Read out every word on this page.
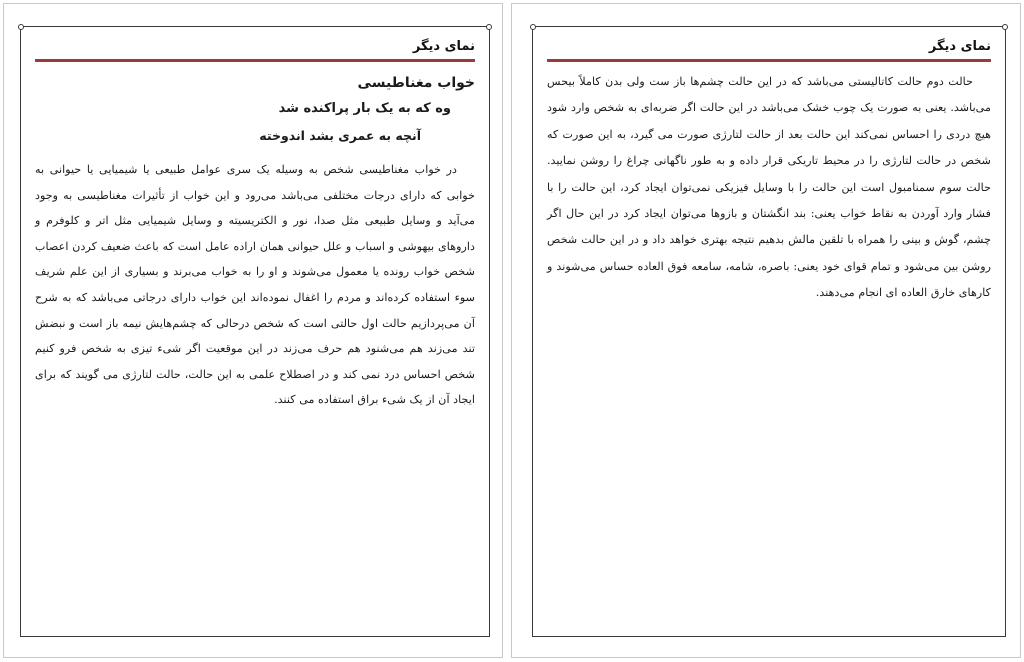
نمای دیگر
خواب مغناطیسی
وه که به یک بار پراکنده شد
آنچه به عمری بشد اندوخته

در خواب مغناطیسی شخص به وسیله یک سری عوامل طبیعی یا شیمیایی یا حیوانی به خوابی که دارای درجات مختلفی می‌باشد می‌رود و این خواب از تأثیرات مغناطیسی به وجود می‌آید و وسایل طبیعی مثل صدا، نور و الکتریسیته و وسایل شیمیایی مثل اتر و کلوفرم و داروهای بیهوشی و اسباب و علل حیوانی همان اراده عامل است که باعث ضعیف کردن اعصاب شخص خواب رونده یا معمول می‌شوند و او را به خواب می‌برند و بسیاری از این علم شریف سوء استفاده کرده‌اند و مردم را اغفال نموده‌اند این خواب دارای درجاتی می‌باشد که به شرح آن می‌پردازیم حالت اول حالتی است که شخص درحالی که چشم‌هایش نیمه باز است و نبضش تند می‌زند هم می‌شنود هم حرف می‌زند در این موقعیت اگر شیء تیزی به شخص فرو کنیم شخص احساس درد نمی کند و در اصطلاح علمی به این حالت، حالت لتارژی می گویند که برای ایجاد آن از یک شیء براق استفاده می کنند.

نمای دیگر

حالت دوم حالت کاتالیستی می‌باشد که در این حالت چشم‌ها باز ست ولی بدن کاملاً بیحس می‌باشد. یعنی به صورت یک چوب خشک می‌باشد در این حالت اگر ضربه‌ای به شخص وارد شود هیچ دردی را احساس نمی‌کند این حالت بعد از حالت لتارژی صورت می گیرد، به این صورت که شخص در حالت لتارژی را در محیط تاریکی قرار داده و به طور ناگهانی چراغ را روشن نمایید. حالت سوم سمنامبول است این حالت را با وسایل فیزیکی نمی‌توان ایجاد کرد، این حالت را با فشار وارد آوردن به نقاط خواب یعنی: بند انگشتان و بازوها می‌توان ایجاد کرد در این حال اگر چشم، گوش و بینی را همراه با تلقین مالش بدهیم نتیجه بهتری خواهد داد و در این حالت شخص روشن بین می‌شود و تمام قوای خود یعنی: باصره، شامه، سامعه فوق العاده حساس می‌شوند و کارهای خارق العاده ای انجام می‌دهند.
